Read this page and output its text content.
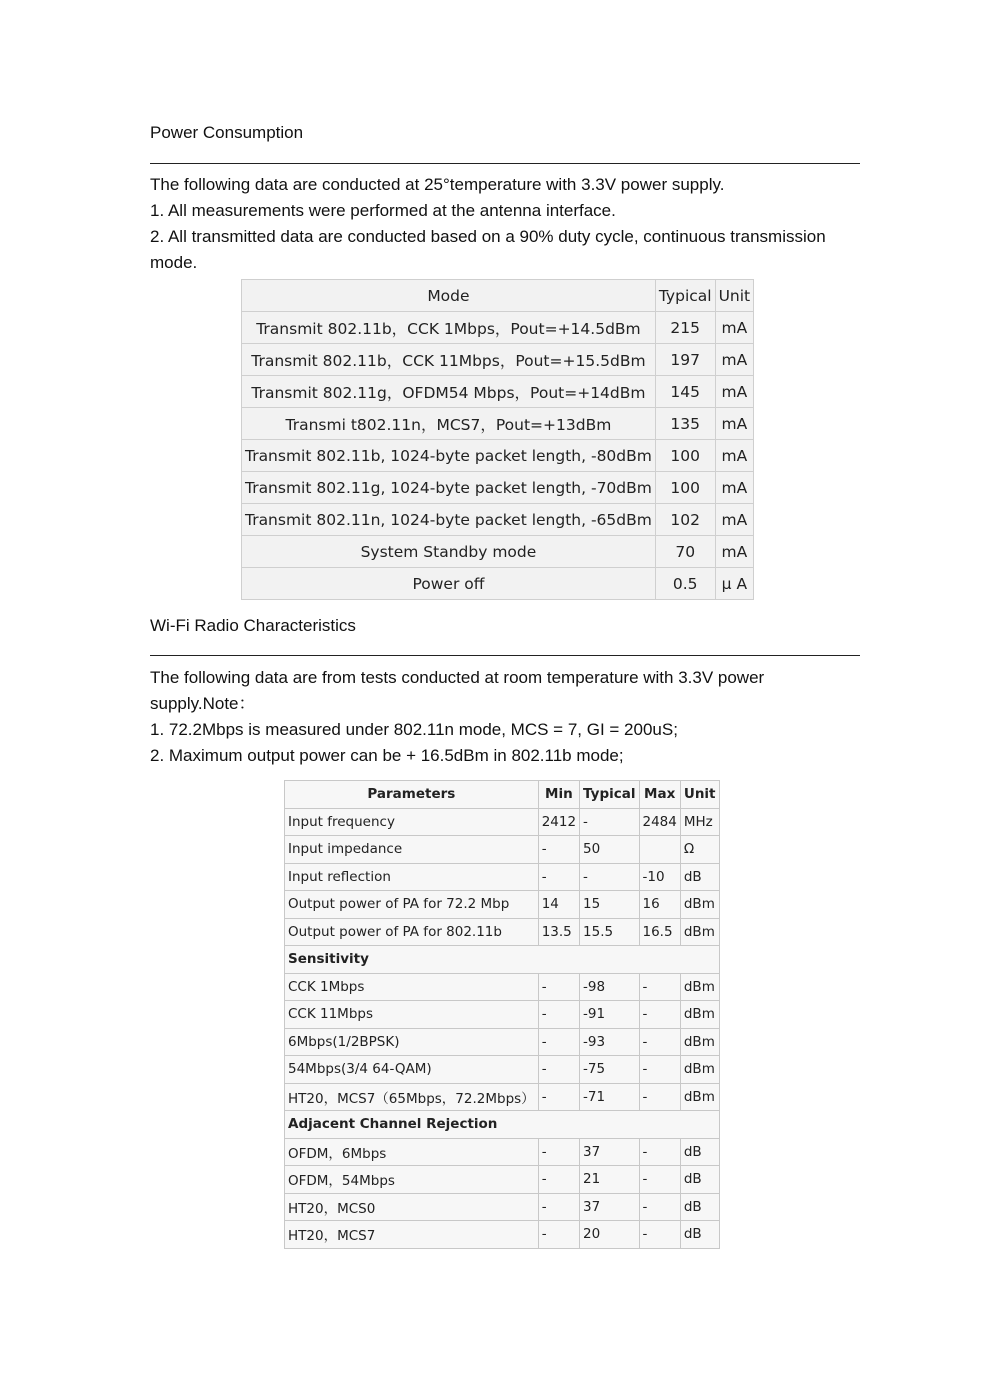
Power Consumption

The following data are conducted at 25°temperature with 3.3V power supply.

1. All measurements were performed at the antenna interface.

2. All transmitted data are conducted based on a 90% duty cycle, continuous transmission mode.

Mode	Typical	Unit
Transmit 802.11b，CCK 1Mbps，Pout=+14.5dBm	215	mA
Transmit 802.11b，CCK 11Mbps，Pout=+15.5dBm	197	mA
Transmit 802.11g，OFDM54 Mbps，Pout=+14dBm	145	mA
Transmi t802.11n，MCS7，Pout=+13dBm	135	mA
Transmit 802.11b, 1024-byte packet length, -80dBm	100	mA
Transmit 802.11g, 1024-byte packet length, -70dBm	100	mA
Transmit 802.11n, 1024-byte packet length, -65dBm	102	mA
System Standby mode	70	mA
Power off	0.5	μ A
Wi-Fi Radio Characteristics

The following data are from tests conducted at room temperature with 3.3V power supply.Note：

1. 72.2Mbps is measured under 802.11n mode, MCS = 7, GI = 200uS;

2. Maximum output power can be + 16.5dBm in 802.11b mode;

Parameters	Min	Typical	Max	Unit
Input frequency	2412	-	2484	MHz
Input impedance	-	50		Ω
Input reflection	-	-	-10	dB
Output power of PA for 72.2 Mbp	14	15	16	dBm
Output power of PA for 802.11b	13.5	15.5	16.5	dBm
Sensitivity				
CCK 1Mbps	-	-98	-	dBm
CCK 11Mbps	-	-91	-	dBm
6Mbps(1/2BPSK)	-	-93	-	dBm
54Mbps(3/4 64-QAM)	-	-75	-	dBm
HT20，MCS7（65Mbps，72.2Mbps）	-	-71	-	dBm
Adjacent Channel Rejection				
OFDM，6Mbps	-	37	-	dB
OFDM，54Mbps	-	21	-	dB
HT20，MCS0	-	37	-	dB
HT20，MCS7	-	20	-	dB
